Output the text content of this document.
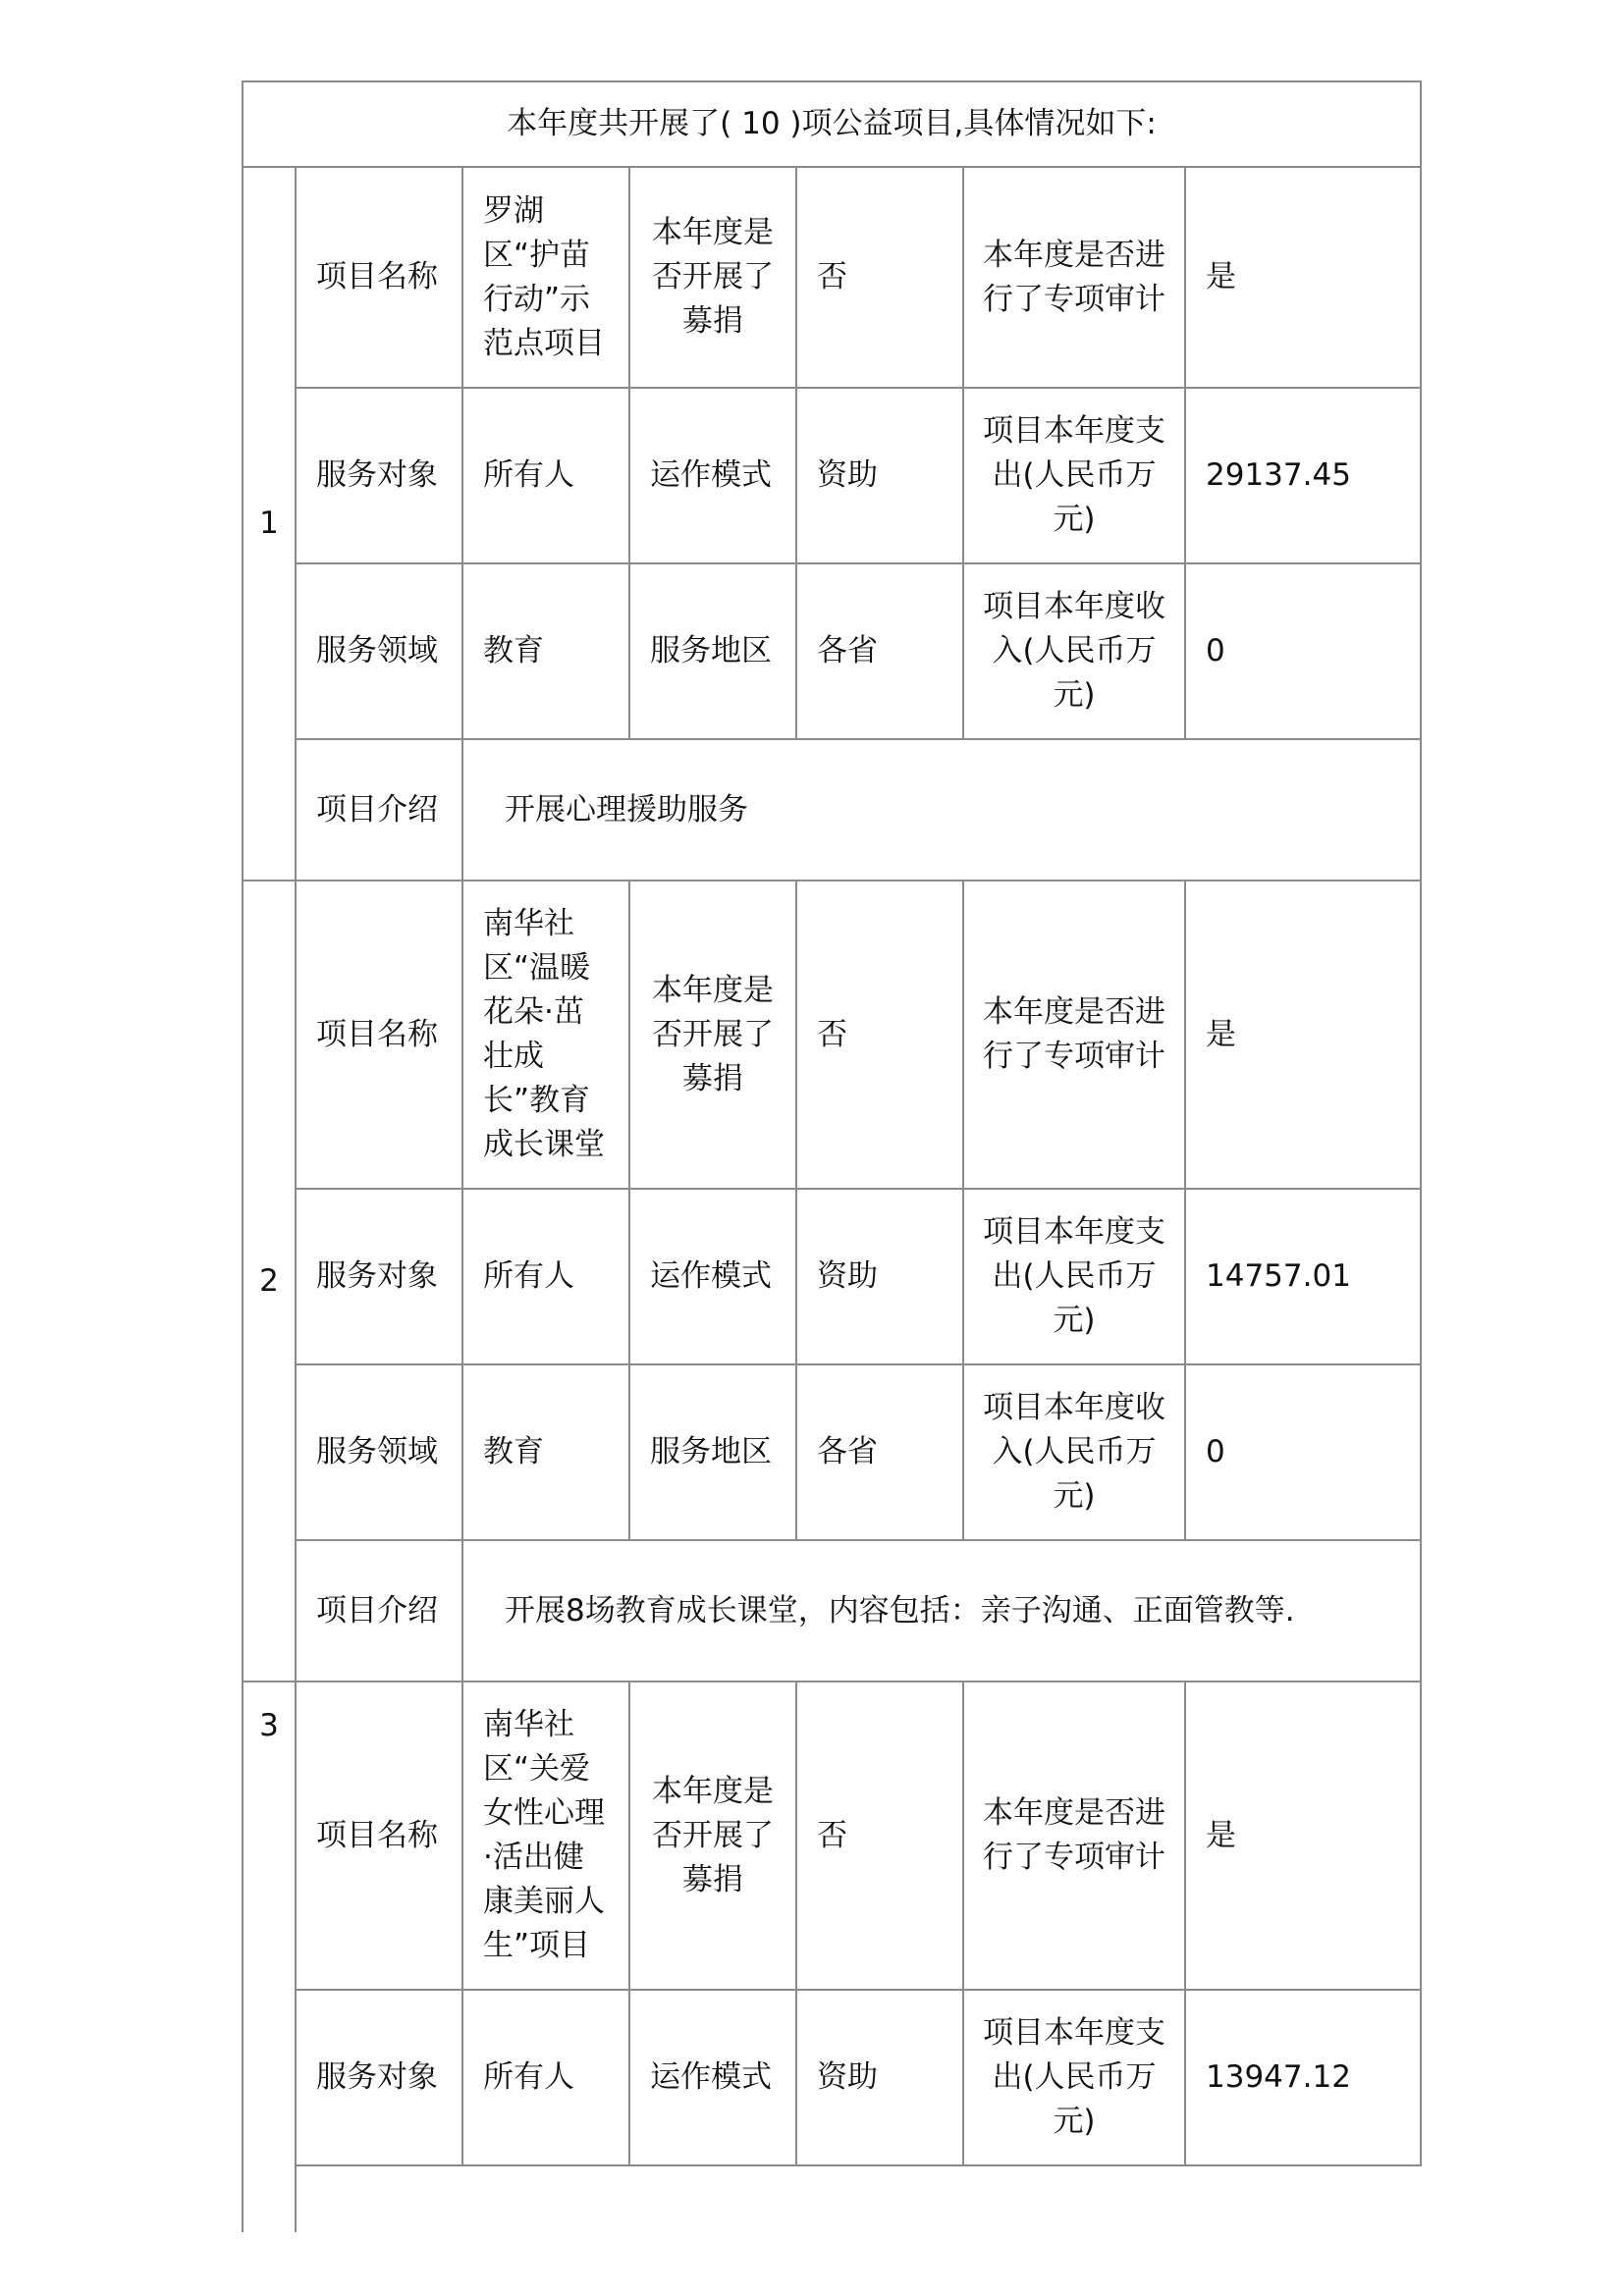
本年度共开展了( 10 )项公益项目,具体情况如下:						
1	项目名称	罗湖区“护苗行动”示范点项目	本年度是否开展了募捐	否	本年度是否进行了专项审计	是
	服务对象	所有人	运作模式	资助	项目本年度支出(人民币万元)	29137.45
	服务领域	教育	服务地区	各省	项目本年度收入(人民币万元)	0
	项目介绍	开展心理援助服务				
2	项目名称	南华社区“温暖花朵·茁壮成长”教育成长课堂	本年度是否开展了募捐	否	本年度是否进行了专项审计	是
	服务对象	所有人	运作模式	资助	项目本年度支出(人民币万元)	14757.01
	服务领域	教育	服务地区	各省	项目本年度收入(人民币万元)	0
	项目介绍	开展8场教育成长课堂，内容包括：亲子沟通、正面管教等.				
3	项目名称	南华社区“关爱女性心理·活出健康美丽人生”项目	本年度是否开展了募捐	否	本年度是否进行了专项审计	是
	服务对象	所有人	运作模式	资助	项目本年度支出(人民币万元)	13947.12
